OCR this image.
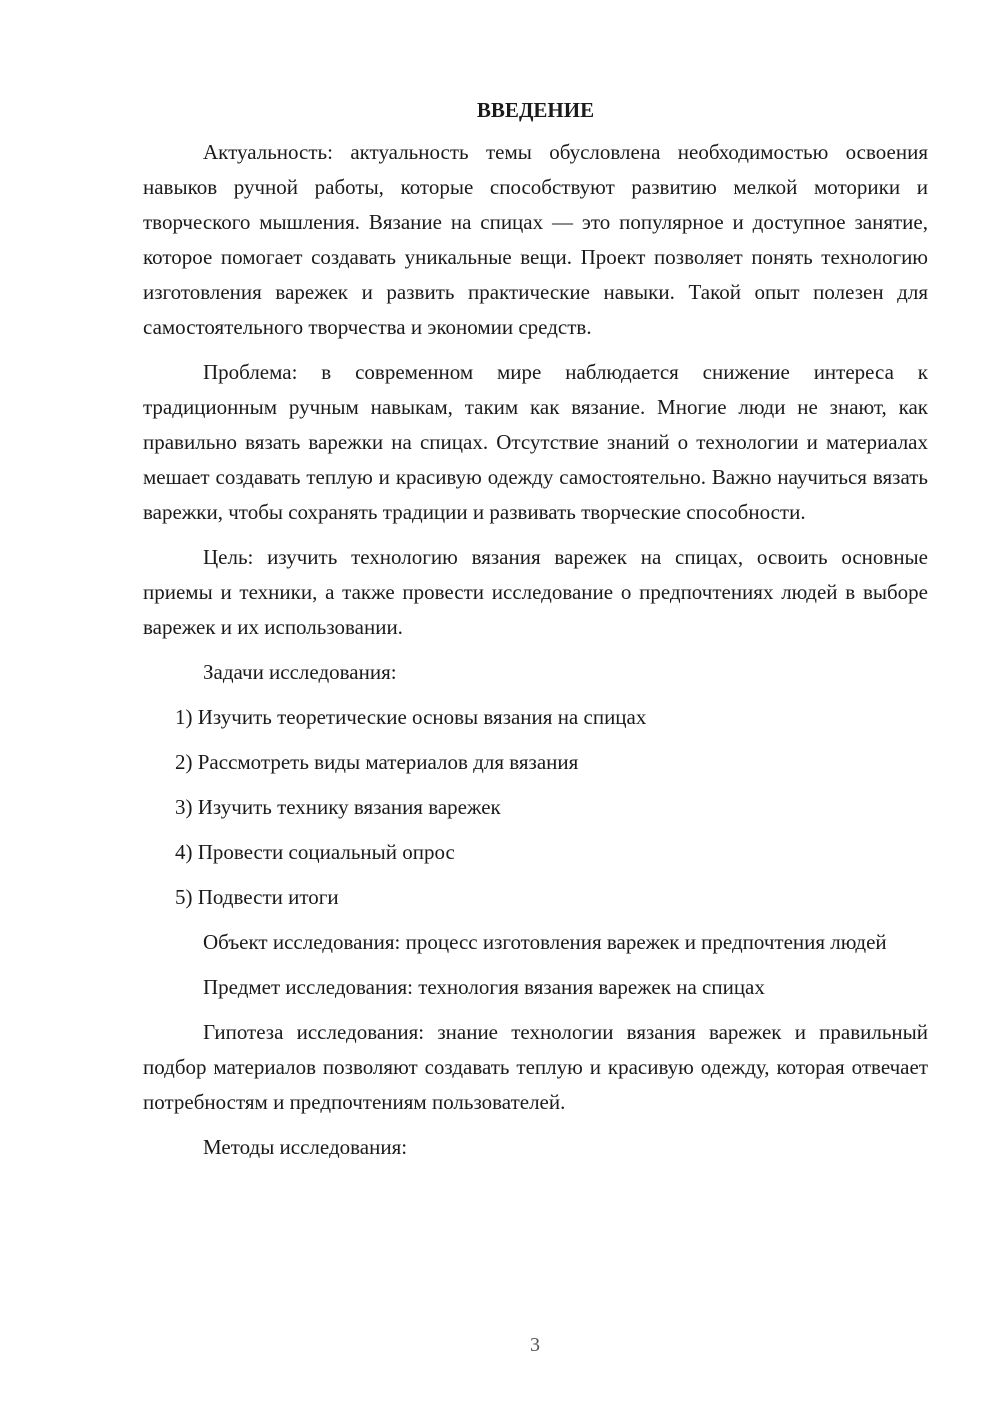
ВВЕДЕНИЕ

Актуальность: актуальность темы обусловлена необходимостью освоения навыков ручной работы, которые способствуют развитию мелкой моторики и творческого мышления. Вязание на спицах — это популярное и доступное занятие, которое помогает создавать уникальные вещи. Проект позволяет понять технологию изготовления варежек и развить практические навыки. Такой опыт полезен для самостоятельного творчества и экономии средств.

Проблема: в современном мире наблюдается снижение интереса к традиционным ручным навыкам, таким как вязание. Многие люди не знают, как правильно вязать варежки на спицах. Отсутствие знаний о технологии и материалах мешает создавать теплую и красивую одежду самостоятельно. Важно научиться вязать варежки, чтобы сохранять традиции и развивать творческие способности.

Цель: изучить технологию вязания варежек на спицах, освоить основные приемы и техники, а также провести исследование о предпочтениях людей в выборе варежек и их использовании.

Задачи исследования:
1) Изучить теоретические основы вязания на спицах
2) Рассмотреть виды материалов для вязания
3) Изучить технику вязания варежек
4) Провести социальный опрос
5) Подвести итоги

Объект исследования: процесс изготовления варежек и предпочтения людей

Предмет исследования: технология вязания варежек на спицах

Гипотеза исследования: знание технологии вязания варежек и правильный подбор материалов позволяют создавать теплую и красивую одежду, которая отвечает потребностям и предпочтениям пользователей.

Методы исследования:
3
